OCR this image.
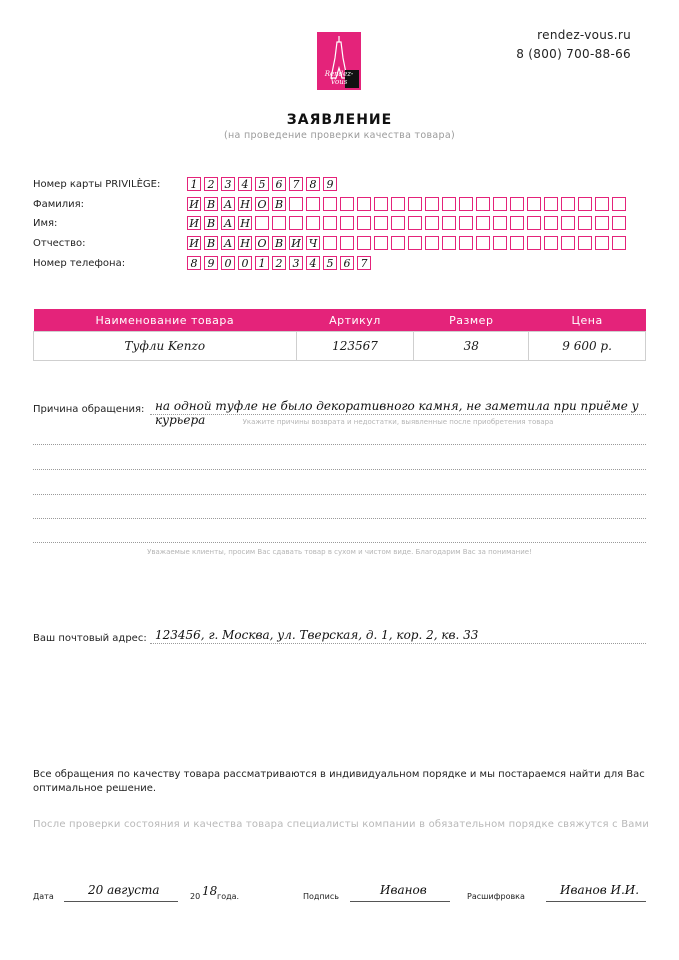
rendez-vous.ru
8 (800) 700-88-66
Rendez-Vous
ЗАЯВЛЕНИЕ
(на проведение проверки качества товара)
Номер карты PRIVILÈGE:	1 2 3 4 5 6 7 8 9
Фамилия:	И В А Н О В
Имя:	И В А Н
Отчество:	И В А Н О В И Ч
Номер телефона:	8 9 0 0 1 2 3 4 5 6 7
Наименование товара	Артикул	Размер	Цена
Туфли Kenzo	123567	38	9 600 р.
Причина обращения: на одной туфле не было декоративного камня, не заметила при приёме у курьера	Укажите причины возврата и недостатки, выявленные после приобретения товара
Уважаемые клиенты, просим Вас сдавать товар в сухом и чистом виде. Благодарим Вас за понимание!
Ваш почтовый адрес: 123456, г. Москва, ул. Тверская, д. 1, кор. 2, кв. 33
Все обращения по качеству товара рассматриваются в индивидуальном порядке и мы постараемся найти для Вас оптимальное решение.
После проверки состояния и качества товара специалисты компании в обязательном порядке свяжутся с Вами
Дата	20 августа	20 18 года.	Подпись	Иванов	Расшифровка	Иванов И.И.
